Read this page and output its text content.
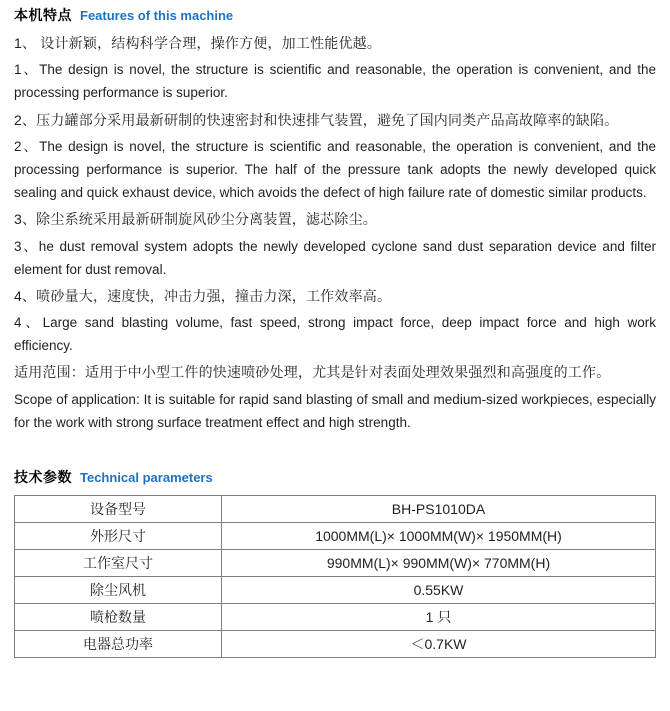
本机特点 Features of this machine

1、 设计新颖，结构科学合理，操作方便，加工性能优越。

1、The design is novel, the structure is scientific and reasonable, the operation is convenient, and the processing performance is superior.

2、压力罐部分采用最新研制的快速密封和快速排气装置，避免了国内同类产品高故障率的缺陷。

2、The design is novel, the structure is scientific and reasonable, the operation is convenient, and the processing performance is superior. The half of the pressure tank adopts the newly developed quick sealing and quick exhaust device, which avoids the defect of high failure rate of domestic similar products.

3、除尘系统采用最新研制旋风砂尘分离装置，滤芯除尘。

3、he dust removal system adopts the newly developed cyclone sand dust separation device and filter element for dust removal.

4、喷砂量大，速度快，冲击力强，撞击力深，工作效率高。

4、Large sand blasting volume, fast speed, strong impact force, deep impact force and high work efficiency.

适用范围：适用于中小型工件的快速喷砂处理，尤其是针对表面处理效果强烈和高强度的工作。

Scope of application: It is suitable for rapid sand blasting of small and medium-sized workpieces, especially for the work with strong surface treatment effect and high strength.

技术参数 Technical parameters
设备型号	BH-PS1010DA
外形尺寸	1000MM(L)× 1000MM(W)× 1950MM(H)
工作室尺寸	990MM(L)× 990MM(W)× 770MM(H)
除尘风机	0.55KW
喷枪数量	1 只
电器总功率	＜0.7KW
